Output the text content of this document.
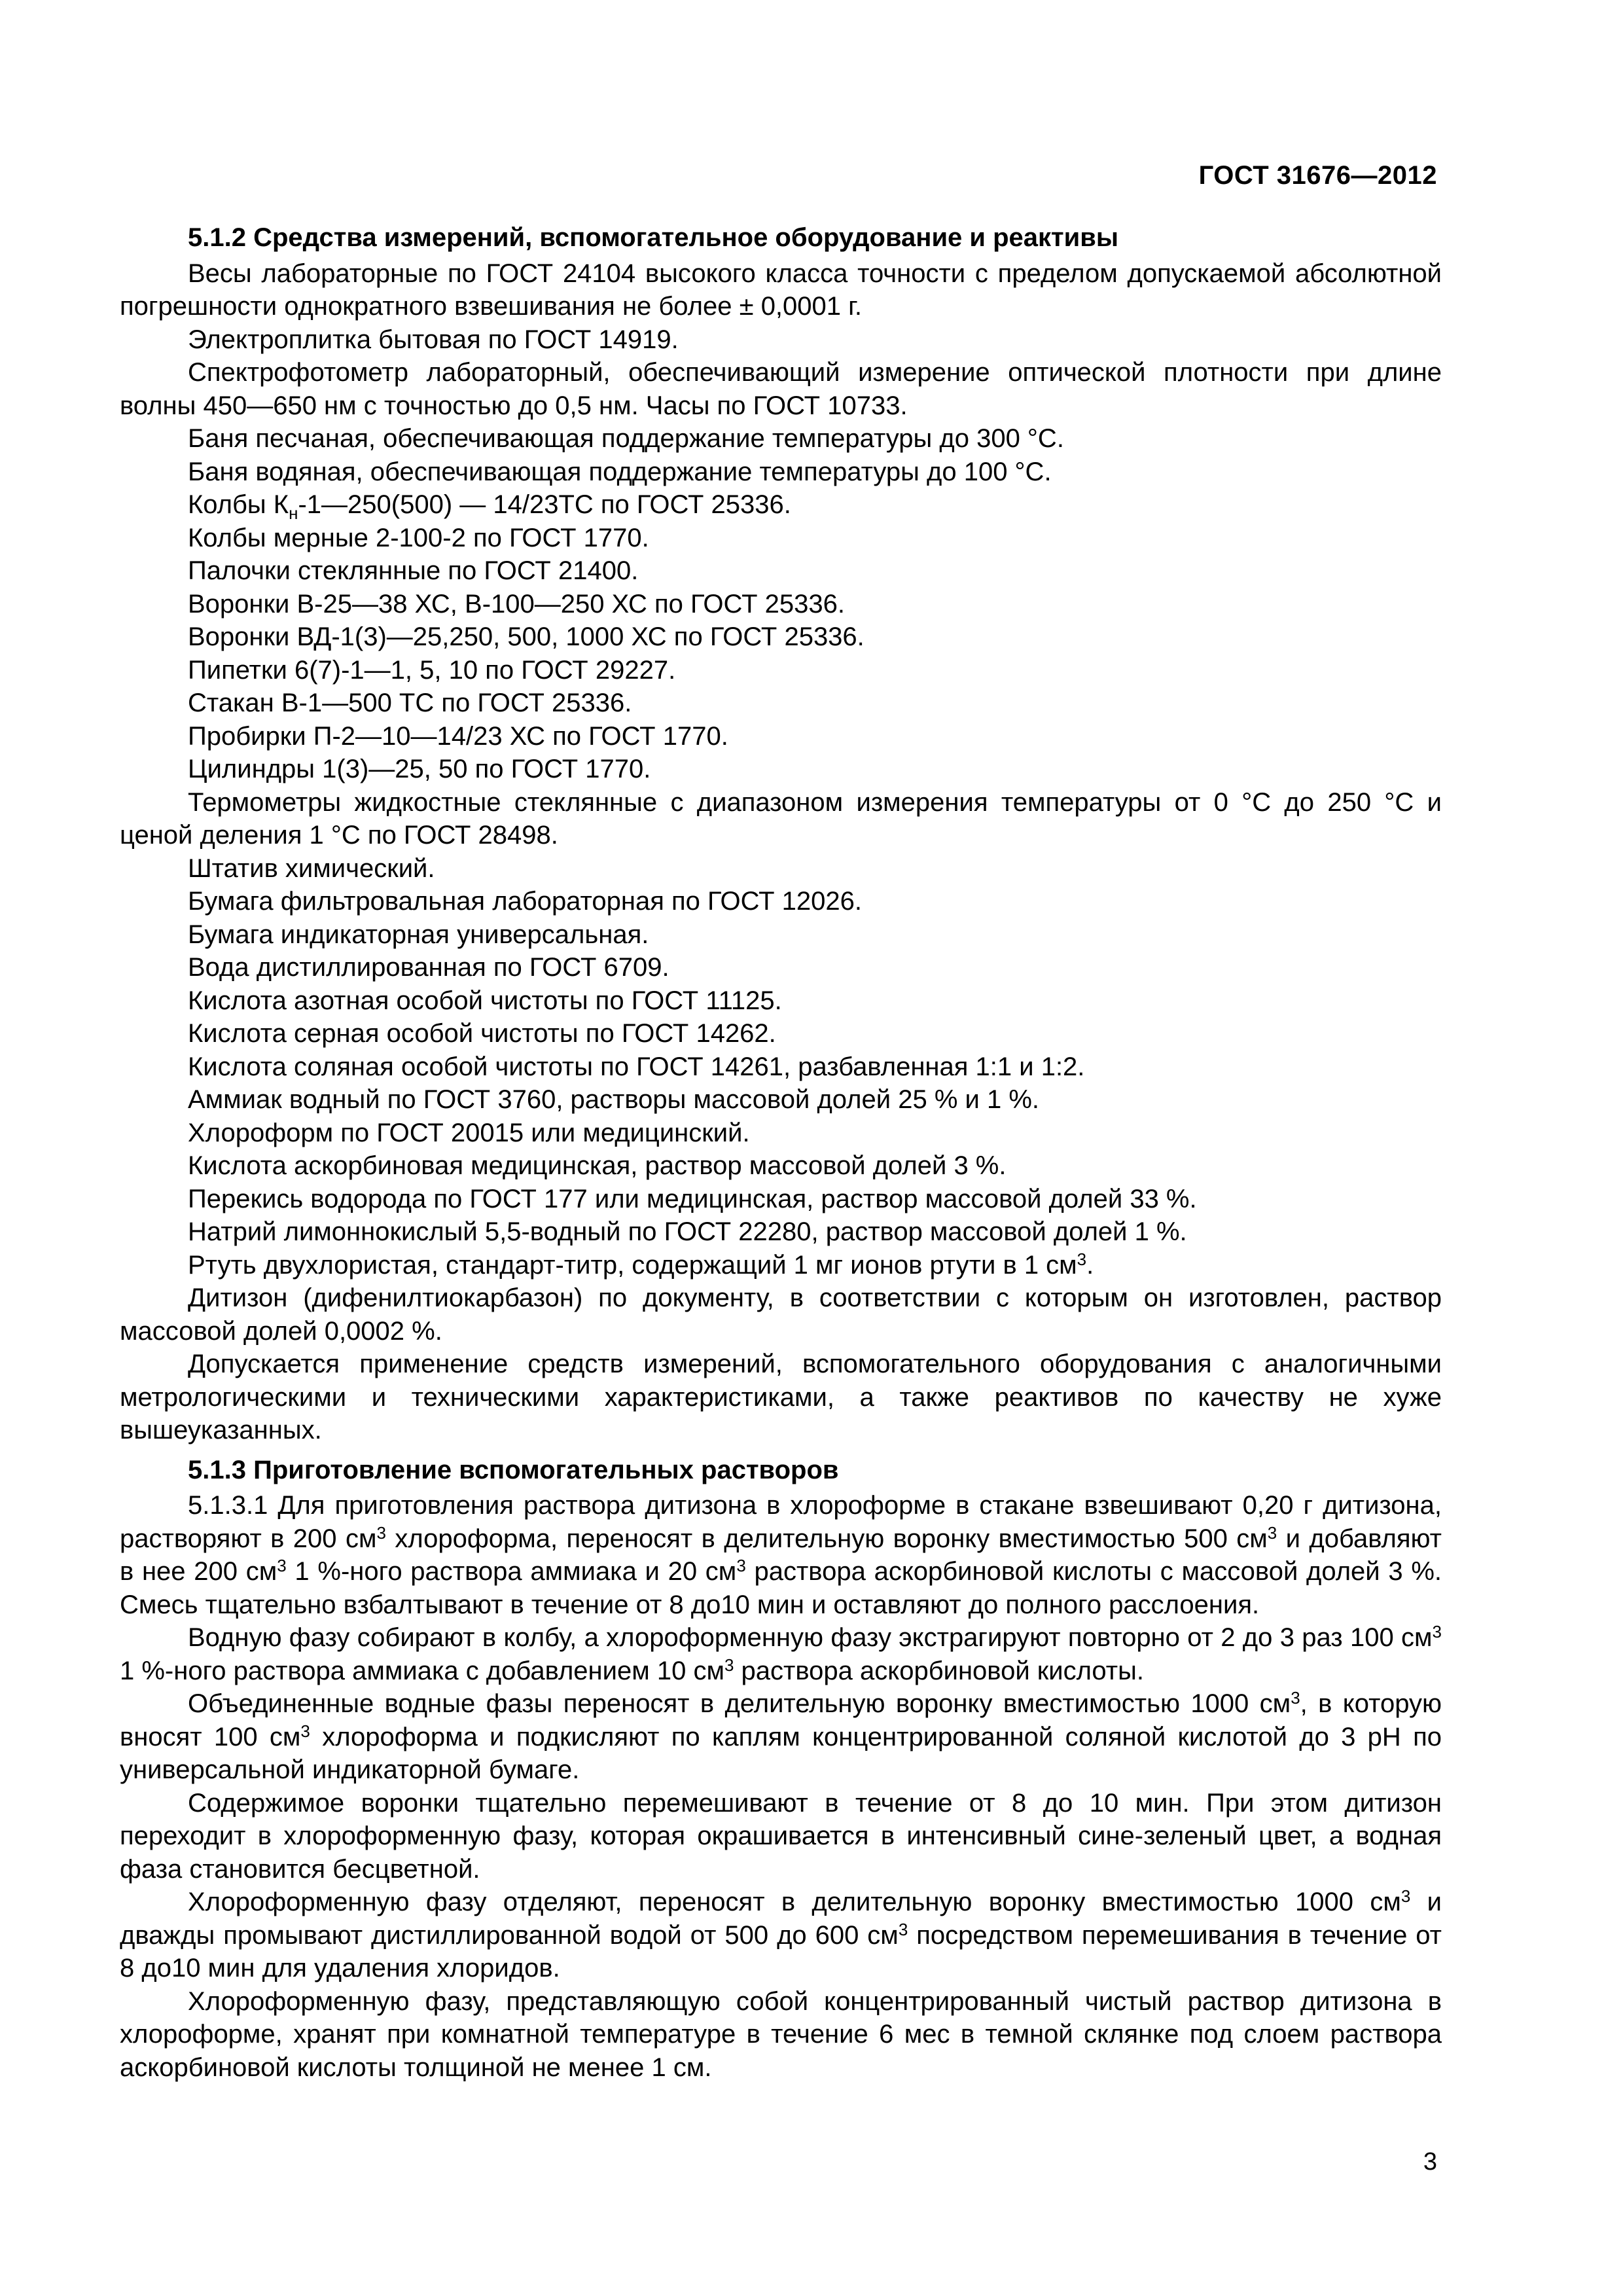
ГОСТ 31676—2012

5.1.2 Средства измерений, вспомогательное оборудование и реактивы

Весы лабораторные по ГОСТ 24104 высокого класса точности с пределом допускаемой абсолютной погрешности однократного взвешивания не более ± 0,0001 г.

Электроплитка бытовая по ГОСТ 14919.

Спектрофотометр лабораторный, обеспечивающий измерение оптической плотности при длине волны 450—650 нм с точностью до 0,5 нм. Часы по ГОСТ 10733.

Баня песчаная, обеспечивающая поддержание температуры до 300 °С.

Баня водяная, обеспечивающая поддержание температуры до 100 °С.

Колбы $К_н-1—250(500)$ — 14/23ТС по ГОСТ 25336.

Колбы мерные 2-100-2 по ГОСТ 1770.

Палочки стеклянные по ГОСТ 21400.

Воронки В-25—38 ХС, В-100—250 ХС по ГОСТ 25336.

Воронки ВД-1(3)—25,250, 500, 1000 ХС по ГОСТ 25336.

Пипетки 6(7)-1—1, 5, 10 по ГОСТ 29227.

Стакан В-1—500 ТС по ГОСТ 25336.

Пробирки П-2—10—14/23 ХС по ГОСТ 1770.

Цилиндры 1(3)—25, 50 по ГОСТ 1770.

Термометры жидкостные стеклянные с диапазоном измерения температуры от 0 °С до 250 °С и ценой деления 1 °С по ГОСТ 28498.

Штатив химический.

Бумага фильтровальная лабораторная по ГОСТ 12026.

Бумага индикаторная универсальная.

Вода дистиллированная по ГОСТ 6709.

Кислота азотная особой чистоты по ГОСТ 11125.

Кислота серная особой чистоты по ГОСТ 14262.

Кислота соляная особой чистоты по ГОСТ 14261, разбавленная 1:1 и 1:2.

Аммиак водный по ГОСТ 3760, растворы массовой долей 25 % и 1 %.

Хлороформ по ГОСТ 20015 или медицинский.

Кислота аскорбиновая медицинская, раствор массовой долей 3 %.

Перекись водорода по ГОСТ 177 или медицинская, раствор массовой долей 33 %.

Натрий лимоннокислый 5,5-водный по ГОСТ 22280, раствор массовой долей 1 %.

Ртуть двухлористая, стандарт-титр, содержащий 1 мг ионов ртути в 1 $см^3$.

Дитизон (дифенилтиокарбазон) по документу, в соответствии с которым он изготовлен, раствор массовой долей 0,0002 %.

Допускается применение средств измерений, вспомогательного оборудования с аналогичными метрологическими и техническими характеристиками, а также реактивов по качеству не хуже вышеуказанных.

5.1.3 Приготовление вспомогательных растворов

5.1.3.1 Для приготовления раствора дитизона в хлороформе в стакане взвешивают 0,20 г дитизона, растворяют в 200 $см^3$ хлороформа, переносят в делительную воронку вместимостью 500 $см^3$ и добавляют в нее 200 $см^3$ 1 %-ного раствора аммиака и 20 $см^3$ раствора аскорбиновой кислоты с массовой долей 3 %. Смесь тщательно взбалтывают в течение от 8 до10 мин и оставляют до полного расслоения.

Водную фазу собирают в колбу, а хлороформенную фазу экстрагируют повторно от 2 до 3 раз 100 $см^3$ 1 %-ного раствора аммиака с добавлением 10 $см^3$ раствора аскорбиновой кислоты.

Объединенные водные фазы переносят в делительную воронку вместимостью 1000 $см^3$, в которую вносят 100 $см^3$ хлороформа и подкисляют по каплям концентрированной соляной кислотой до 3 pH по универсальной индикаторной бумаге.

Содержимое воронки тщательно перемешивают в течение от 8 до 10 мин. При этом дитизон переходит в хлороформенную фазу, которая окрашивается в интенсивный сине-зеленый цвет, а водная фаза становится бесцветной.

Хлороформенную фазу отделяют, переносят в делительную воронку вместимостью 1000 $см^3$ и дважды промывают дистиллированной водой от 500 до 600 $см^3$ посредством перемешивания в течение от 8 до10 мин для удаления хлоридов.

Хлороформенную фазу, представляющую собой концентрированный чистый раствор дитизона в хлороформе, хранят при комнатной температуре в течение 6 мес в темной склянке под слоем раствора аскорбиновой кислоты толщиной не менее 1 см.

3
